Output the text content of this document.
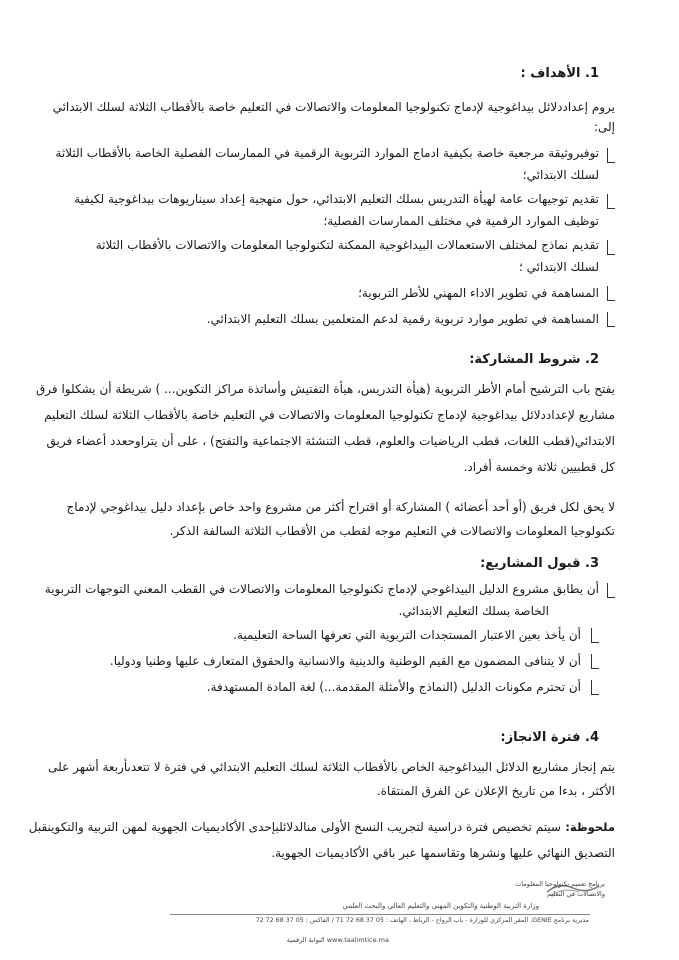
1. الأهداف :
يروم إعداددلائل بيداغوجية لإدماج تكنولوجيا المعلومات والاتصالات في التعليم خاصة بالأقطاب الثلاثة لسلك الابتدائي
إلى:
توفيروثيقة مرجعية خاصة بكيفية ادماج الموارد التربوية الرقمية في الممارسات الفصلية الخاصة بالأقطاب الثلاثة
لسلك الابتدائي؛
تقديم توجيهات عامة لهيأة التدريس بسلك التعليم الابتدائي، حول منهجية إعداد سيناريوهات بيداغوجية لكيفية
توظيف الموارد الرقمية في مختلف الممارسات الفصلية؛
تقديم نماذج لمختلف الاستعمالات البيداغوجية الممكنة لتكنولوجيا المعلومات والاتصالات بالأقطاب الثلاثة
لسلك الابتدائي ؛
المساهمة في تطوير الاداء المهني للأطر التربوية؛
المساهمة في تطوير موارد تربوية رقمية لدعم المتعلمين بسلك التعليم الابتدائي.
2. شروط المشاركة:
يفتح باب الترشيح أمام الأطر التربوية (هيأة التدريس، هيأة التفتيش وأساتذة مراكز التكوين... ) شريطة أن يشكلوا فرق
مشاريع لإعداددلائل بيداغوجية لإدماج تكنولوجيا المعلومات والاتصالات في التعليم خاصة بالأقطاب الثلاثة لسلك التعليم
الابتدائي(قطب اللغات، قطب الرياضيات والعلوم، قطب التنشئة الاجتماعية والتفتح) ، على أن يتراوحعدد أعضاء فريق
كل قطبيين ثلاثة وخمسة أفراد.
لا يحق لكل فريق (أو أحد أعضائه ) المشاركة أو اقتراح أكثر من مشروع واحد خاص بإعداد دليل بيداغوجي لإدماج
تكنولوجيا المعلومات والاتصالات في التعليم موجه لقطب من الأقطاب الثلاثة السالفة الذكر.
3. قبول المشاريع:
أن يطابق مشروع الدليل البيداغوجي لإدماج تكنولوجيا المعلومات والاتصالات في القطب المعني التوجهات التربوية
الخاصة بسلك التعليم الابتدائي.
أن يأخذ بعين الاعتبار المستجدات التربوية التي تعرفها الساحة التعليمية.
أن لا يتنافى المضمون مع القيم الوطنية والدينية والانسانية والحقوق المتعارف عليها وطنيا ودوليا.
أن تحترم مكونات الدليل (النماذج والأمثلة المقدمة...) لغة المادة المستهدفة.
4. فترة الانجاز:
يتم إنجاز مشاريع الدلائل البيداغوجية الخاص بالأقطاب الثلاثة لسلك التعليم الابتدائي في فترة لا تتعدىأربعة أشهر على
الأكثر ، بدءا من تاريخ الإعلان عن الفرق المنتقاة.
ملحوظة:
سيتم تخصيص فترة دراسية لتجريب النسخ الأولى منالدلائلبإحدى الأكاديميات الجهوية لمهن التربية والتكوينقبل
التصديق النهائي عليها ونشرها وتقاسمها عبر باقي الأكاديميات الجهوية.
برنامج تعميم تكنولوجيا المعلومات
والاتصالات في التعليم
وزارة التربية الوطنية والتكوين المهني والتعليم العالي والبحث العلمي
مديرية برنامج GENIE، المقر المركزي للوزارة - باب الرواح - الرباط ، الهاتف : 05 37 68 72 71 / الفاكس : 05 37 68 72 72
www.taalimtice.ma البوابة الرقمية
